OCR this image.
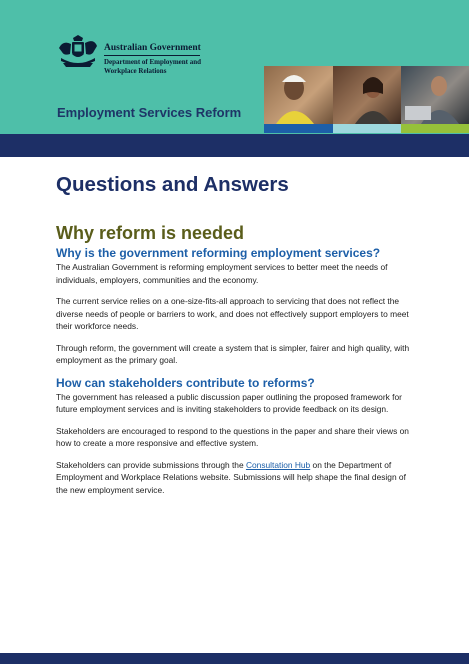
Australian Government
Department of Employment and Workplace Relations
Employment Services Reform
Questions and Answers
Why reform is needed
Why is the government reforming employment services?

The Australian Government is reforming employment services to better meet the needs of individuals, employers, communities and the economy.

The current service relies on a one-size-fits-all approach to servicing that does not reflect the diverse needs of people or barriers to work, and does not effectively support employers to meet their workforce needs.

Through reform, the government will create a system that is simpler, fairer and high quality, with employment as the primary goal.

How can stakeholders contribute to reforms?

The government has released a public discussion paper outlining the proposed framework for future employment services and is inviting stakeholders to provide feedback on its design.

Stakeholders are encouraged to respond to the questions in the paper and share their views on how to create a more responsive and effective system.

Stakeholders can provide submissions through the Consultation Hub on the Department of Employment and Workplace Relations website. Submissions will help shape the final design of the new employment service.
